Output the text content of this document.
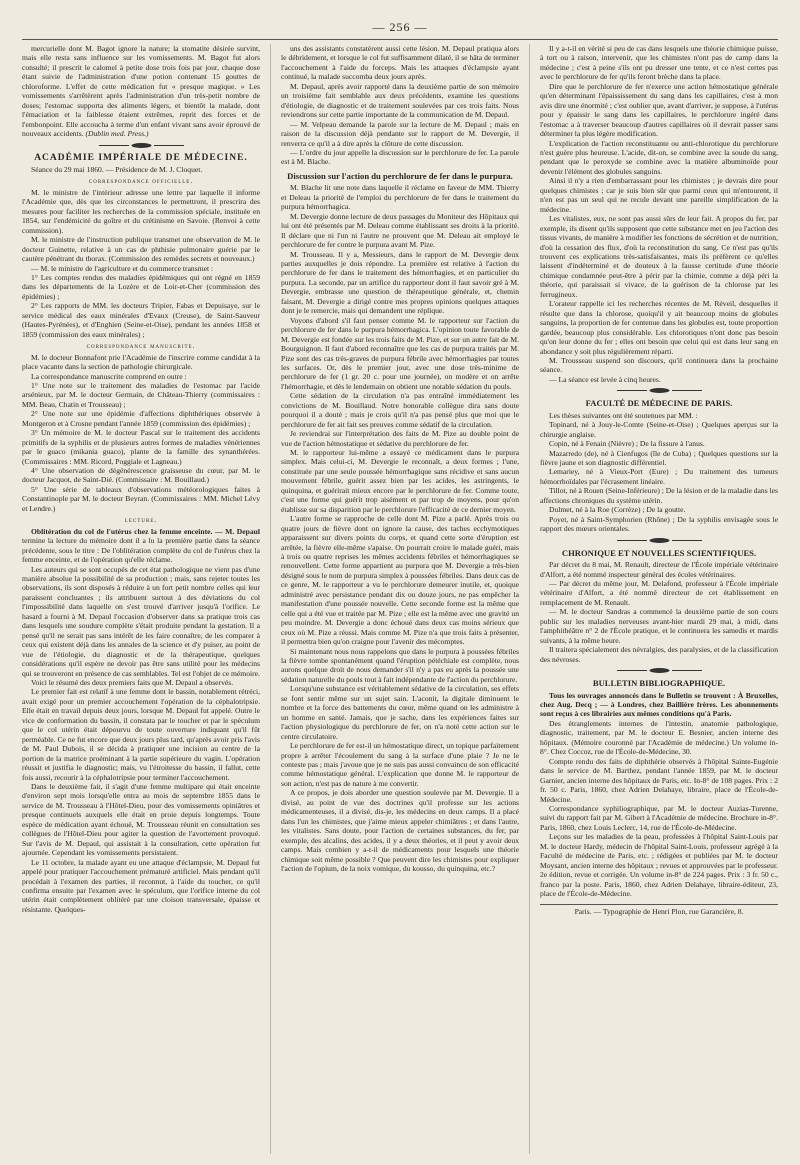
— 256 —

mercurielle dont M. Bagot ignore la nature; la stomatite désirée survint, mais elle resta sans influence sur les vomissements. M. Bagot fut alors consulté; il prescrit le calomel à petite dose trois fois par jour, chaque dose étant suivie de l'administration d'une potion contenant 15 gouttes de chloroforme. L'effet de cette médication fut « presque magique. » Les vomissements s'arrêtèrent après l'administration d'un très-petit nombre de doses; l'estomac supporta des aliments légers, et bientôt la malade, dont l'émaciation et la faiblesse étaient extrêmes, reprit des forces et de l'embonpoint. Elle accoucha à terme d'un enfant vivant sans avoir éprouvé de nouveaux accidents. (Dublin med. Press.)

ACADÉMIE IMPÉRIALE DE MÉDECINE.

Séance du 29 mai 1860. — Présidence de M. J. Cloquet.

correspondance officielle.

M. le ministre de l'intérieur adresse une lettre par laquelle il informe l'Académie que, dès que les circonstances le permettront, il prescrira des mesures pour faciliter les recherches de la commission spéciale, instituée en 1854, sur l'endémicité du goître et du crétinisme en Savoie. (Renvoi à cette commission).

M. le ministre de l'instruction publique transmet une observation de M. le docteur Guinette, relative à un cas de phthisie pulmonaire guérie par le cautère pénétrant du thorax. (Commission des remèdes secrets et nouveaux.)

— M. le ministre de l'agriculture et du commerce transmet :

1° Les comptes rendus des maladies épidémiques qui ont régné en 1859 dans les départements de la Lozère et de Loir-et-Cher (commission des épidémies) ;

2° Les rapports de MM. les docteurs Tripier, Fabas et Depuisaye, sur le service médical des eaux minérales d'Evaux (Creuse), de Saint-Sauveur (Hautes-Pyrénées), et d'Enghien (Seine-et-Oise), pendant les années 1858 et 1859 (commission des eaux minérales) ;

correspondance manuscrite.

M. le docteur Bonnafont prie l'Académie de l'inscrire comme candidat à la place vacante dans la section de pathologie chirurgicale.

La correspondance manuscrite comprend en outre :

1° Une note sur le traitement des maladies de l'estomac par l'acide arsénieux, par M. le docteur Germain, de Château-Thierry (commissaires : MM. Beau, Chatin et Trousseau) ;

2° Une note sur une épidémie d'affections diphthériques observée à Montgeron et à Crosne pendant l'année 1859 (commission des épidémies) ;

3° Un mémoire de M. le docteur Pascal sur le traitement des accidents primitifs de la syphilis et de plusieurs autres formes de maladies vénériennes par le guaco (mikania guaco), plante de la famille des synanthérées. (Commissaires : MM. Ricord, Poggiale et Lagneau.)

4° Une observation de dégénérescence graisseuse du cœur, par M. le docteur Jacquot, de Saint-Dié. (Commissaire : M. Bouillaud.)

5° Une série de tableaux d'observations météorologiques faites à Constantinople par M. le docteur Beyran. (Commissaires : MM. Michel Lévy et Lendre.)

lecture.

Oblitération du col de l'utérus chez la femme enceinte. — M. Depaul termine la lecture du mémoire dont il a lu la première partie dans la séance précédente, sous le titre : De l'oblitération complète du col de l'utérus chez la femme enceinte, et de l'opération qu'elle réclame.

Les auteurs qui se sont occupés de cet état pathologique ne vient pas d'une manière absolue la possibilité de sa production ; mais, sans rejeter toutes les observations, ils sont disposés à réduire à un fort petit nombre celles qui leur paraissent concluantes ; ils attribuent surtout à des déviations du col l'impossibilité dans laquelle on s'est trouvé d'arriver jusqu'à l'orifice. Le hasard a fourni à M. Depaul l'occasion d'observer dans sa pratique trois cas dans lesquels une soudure complète s'était produite pendant la gestation. Il a pensé qu'il ne serait pas sans intérêt de les faire connaître, de les comparer à ceux qui existent déjà dans les annales de la science et d'y puiser, au point de vue de l'étiologie, du diagnostic et de la thérapeutique, quelques considérations qu'il espère ne devoir pas être sans utilité pour les médecins qui se trouveront en présence de cas semblables. Tel est l'objet de ce mémoire.

Voici le résumé des deux premiers faits que M. Depaul a observés.

Le premier fait est relatif à une femme dont le bassin, notablement rétréci, avait exigé pour un premier accouchement l'opération de la céphalotripsie. Elle était en travail depuis deux jours, lorsque M. Depaul fut appelé. Outre le vice de conformation du bassin, il constata par le toucher et par le spéculum que le col utérin était dépourvu de toute ouverture indiquant qu'il fût perméable. Ce ne fut encore que deux jours plus tard, qu'après avoir pris l'avis de M. Paul Dubois, il se décida à pratiquer une incision au centre de la portion de la matrice proéminant à la partie supérieure du vagin. L'opération réussit et justifia le diagnostic; mais, vu l'étroitesse du bassin, il fallut, cette fois aussi, recourir à la céphalotripsie pour terminer l'accouchement.

Dans le deuxième fait, il s'agit d'une femme multipare qui était enceinte d'environ sept mois lorsqu'elle entra au mois de septembre 1855 dans le service de M. Trousseau à l'Hôtel-Dieu, pour des vomissements opiniâtres et presque continuels auxquels elle était en proie depuis longtemps. Toute espèce de médication ayant échoué, M. Trousseau réunit en consultation ses collègues de l'Hôtel-Dieu pour agiter la question de l'avortement provoqué. Sur l'avis de M. Depaul, qui assistait à la consultation, cette opération fut ajournée. Cependant les vomissements persistaient.

Le 11 octobre, la malade ayant eu une attaque d'éclampsie, M. Depaul fut appelé pour pratiquer l'accouchement prématuré artificiel. Mais pendant qu'il procédait à l'examen des parties, il reconnut, à l'aide du toucher, ce qu'il confirma ensuite par l'examen avec le spéculum, que l'orifice interne du col utérin était complètement oblitéré par une cloison transversale, épaisse et résistante. Quelques-

uns des assistants constatèrent aussi cette lésion. M. Depaul pratiqua alors le débridement, et lorsque le col fut suffisamment dilaté, il se hâta de terminer l'accouchement à l'aide du forceps. Mais les attaques d'éclampsie ayant continué, la malade succomba deux jours après.

M. Depaul, après avoir rapporté dans la deuxième partie de son mémoire un troisième fait semblable aux deux précédents, examine les questions d'étiologie, de diagnostic et de traitement soulevées par ces trois faits. Nous reviendrons sur cette partie importante de la communication de M. Depaul.

— M. Velpeau demande la parole sur la lecture de M. Depaul ; mais en raison de la discussion déjà pendante sur le rapport de M. Devergie, il renverra ce qu'il a à dire après la clôture de cette discussion.

— L'ordre du jour appelle la discussion sur le perchlorure de fer. La parole est à M. Blache.

Discussion sur l'action du perchlorure de fer dans le purpura.

M. Blache lit une note dans laquelle il réclame en faveur de MM. Thierry et Deleau la priorité de l'emploi du perchlorure de fer dans le traitement du purpura hémorrhagica.

M. Devergie donne lecture de deux passages du Moniteur des Hôpitaux qui lui ont été présentés par M. Deleau comme établissant ses droits à la priorité. Il déclare que ni l'un ni l'autre ne prouvent que M. Deleau ait employé le perchlorure de fer contre le purpura avant M. Pize.

M. Trousseau. Il y a, Messieurs, dans le rapport de M. Devergie deux parties auxquelles je dois répondre. La première est relative à l'action du perchlorure de fer dans le traitement des hémorrhagies, et en particulier du purpura. La seconde, par un artifice du rapporteur dont il faut savoir gré à M. Devergie, embrasse une question de thérapeutique générale, et, chemin faisant, M. Devergie a dirigé contre mes propres opinions quelques attaques dont je le remercie, mais qui demandent une réplique.

Voyons d'abord s'il faut penser comme M. le rapporteur sur l'action du perchlorure de fer dans le purpura hémorrhagica. L'opinion toute favorable de M. Devergie est fondée sur les trois faits de M. Pize, et sur un autre fait de M. Bourguignon. Il faut d'abord reconnaître que les cas de purpura traités par M. Pize sont des cas très-graves de purpura fébrile avec hémorrhagies par toutes les surfaces. Or, dès le premier jour, avec une dose très-minime de perchlorure de fer (1 gr. 20 c. pour une journée), on modère et on arrête l'hémorrhagie, et dès le lendemain on obtient une notable sédation du pouls.

Cette sédation de la circulation n'a pas entraîné immédiatement les convictions de M. Bouillaud. Notre honorable collègue dira sans doute pourquoi il a douté ; mais je crois qu'il n'a pas pensé plus que moi que le perchlorure de fer ait fait ses preuves comme sédatif de la circulation.

Je reviendrai sur l'interprétation des faits de M. Pize au double point de vue de l'action hémostatique et sédative du perchlorure de fer.

M. le rapporteur lui-même a essayé ce médicament dans le purpura simplex. Mais celui-ci, M. Devergie le reconnaît, a deux formes ; l'une, constituée par une seule poussée hémorrhagique sans récidive et sans aucun mouvement fébrile, guérit assez bien par les acides, les astringents, le quinquina, et guérirait mieux encore par le perchlorure de fer. Comme toute, c'est une forme qui guérit trop aisément et par trop de moyens, pour qu'on établisse sur sa disparition par le perchlorure l'efficacité de ce dernier moyen.

L'autre forme se rapproche de celle dont M. Pize a parlé. Après trois ou quatre jours de fièvre dont on ignore la cause, des taches ecchymotiques apparaissent sur divers points du corps, et quand cette sorte d'éruption est arrêtée, la fièvre elle-même s'apaise. On pourrait croire le malade guéri, mais à trois ou quatre reprises les mêmes accidents fébriles et hémorrhagiques se renouvellent. Cette forme appartient au purpura que M. Devergie a très-bien désigné sous le nom de purpura simplex à poussées fébriles. Dans deux cas de ce genre, M. le rapporteur a vu le perchlorure demeurer inutile, et, quoique administré avec persistance pendant dix ou douze jours, ne pas empêcher la manifestation d'une poussée nouvelle. Cette seconde forme est la même que celle qui a été vue et traitée par M. Pize ; elle est la même avec une gravité un peu moindre. M. Devergie a donc échoué dans deux cas moins sérieux que ceux où M. Pize a réussi. Mais comme M. Pize n'a que trois faits à présenter, il permettra bien qu'on craigne pour l'avenir des mécomptes.

Si maintenant nous nous rappelons que dans le purpura à poussées fébriles la fièvre tombe spontanément quand l'éruption pétéchiale est complète, nous aurons quelque droit de nous demander s'il n'y a pas eu après la poussée une sédation naturelle du pouls tout à fait indépendante de l'action du perchlorure.

Lorsqu'une substance est véritablement sédative de la circulation, ses effets se font sentir même sur un sujet sain. L'aconit, la digitale diminuent le nombre et la force des battements du cœur, même quand on les administre à un homme en santé. Jamais, que je sache, dans les expériences faites sur l'action physiologique du perchlorure de fer, on n'a noté cette action sur le centre circulatoire.

Le perchlorure de fer est-il un hémostatique direct, un topique parfaitement propre à arrêter l'écoulement du sang à la surface d'une plaie ? Je ne le conteste pas ; mais j'avoue que je ne suis pas aussi convaincu de son efficacité comme hémostatique général. L'explication que donne M. le rapporteur de son action, n'est pas de nature à me convertir.

A ce propos, je dois aborder une question soulevée par M. Devergie. Il a divisé, au point de vue des doctrines qu'il professe sur les actions médicamenteuses, il a divisé, dis-je, les médecins en deux camps. Il a placé dans l'un les chimistes, que j'aime mieux appeler chimiâtres ; et dans l'autre, les vitalistes. Sans doute, pour l'action de certaines substances, du fer, par exemple, des alcalins, des acides, il y a deux théories, et il peut y avoir deux camps. Mais combien y a-t-il de médicaments pour lesquels une théorie chimique soit même possible ? Que peuvent dire les chimistes pour expliquer l'action de l'opium, de la noix vomique, du kousso, du quinquina, etc.?

Il y a-t-il en vérité si peu de cas dans lesquels une théorie chimique puisse, à tort ou à raison, intervenir, que les chimistes n'ont pas de camp dans la médecine ; c'est à peine s'ils ont pu dresser une tente, et ce n'est certes pas avec le perchlorure de fer qu'ils feront brèche dans la place.

Dire que le perchlorure de fer n'exerce une action hémostatique générale qu'en déterminant l'épaississement du sang dans les capillaires, c'est à mon avis dire une énormité ; c'est oublier que, avant d'arriver, je suppose, à l'utérus pour y épaissir le sang dans les capillaires, le perchlorure ingéré dans l'estomac a à traverser beaucoup d'autres capillaires où il devrait passer sans déterminer la plus légère modification.

L'explication de l'action reconstituante ou anti-chlorotique du perchlorure n'est guère plus heureuse. L'acide, dit-on, se combine avec la soude du sang, pendant que le peroxyde se combine avec la matière albuminoïde pour devenir l'élément des globules sanguins.

Ainsi il n'y a rien d'embarrassant pour les chimistes ; je devrais dire pour quelques chimistes ; car je suis bien sûr que parmi ceux qui m'entourent, il n'en est pas un seul qui ne recule devant une pareille simplification de la médecine.

Les vitalistes, eux, ne sont pas aussi sûrs de leur fait. A propos du fer, par exemple, ils disent qu'ils supposent que cette substance met en jeu l'action des tissus vivants, de manière à modifier les fonctions de sécrétion et de nutrition, d'où la cessation des flux, d'où la reconstitution du sang. Ce n'est pas qu'ils trouvent ces explications très-satisfaisantes, mais ils préfèrent ce qu'elles laissent d'indéterminé et de douteux à la fausse certitude d'une théorie chimique condamnée peut-être à périr par la chimie, comme a déjà péri la théorie, qui paraissait si vivace, de la guérison de la chlorose par les ferrugineux.

L'orateur rappelle ici les recherches récentes de M. Réveil, desquelles il résulte que dans la chlorose, quoiqu'il y ait beaucoup moins de globules sanguins, la proportion de fer contenue dans les globules est, toute proportion gardée, beaucoup plus considérable. Les chlorotiques n'ont donc pas besoin qu'on leur donne du fer ; elles ont besoin que celui qui est dans leur sang en abondance y soit plus régulièrement réparti.

M. Trousseau suspend son discours, qu'il continuera dans la prochaine séance.

— La séance est levée à cinq heures.

FACULTÉ DE MÉDECINE DE PARIS.

Les thèses suivantes ont été soutenues par MM. :

Topinard, né à Jouy-le-Comte (Seine-et-Oise) ; Quelques aperçus sur la chirurgie anglaise.

Copin, né à Fenain (Nièvre) ; De la fissure à l'anus.

Mazarredo (de), né à Cienfugos (île de Cuba) ; Quelques questions sur la fièvre jaune et son diagnostic différentiel.

Lemariey, né à Vieux-Port (Eure) ; Du traitement des tumeurs hémorrhoïdales par l'écrasement linéaire.

Tillot, né à Rouen (Seine-Inférieure) ; De la lésion et de la maladie dans les affections chroniques du système utérin.

Dulmet, né à la Roe (Corrèze) ; De la goutte.

Poyet, né à Saint-Symphorien (Rhône) ; De la syphilis envisagée sous le rapport des mœurs orientales.

CHRONIQUE ET NOUVELLES SCIENTIFIQUES.

Par décret du 8 mai, M. Renault, directeur de l'École impériale vétérinaire d'Alfort, a été nommé inspecteur général des écoles vétérinaires.

— Par décret du même jour, M. Delafond, professeur à l'École impériale vétérinaire d'Alfort, a été nommé directeur de cet établissement en remplacement de M. Renault.

— M. le docteur Sandras a commencé la deuxième partie de son cours public sur les maladies nerveuses avant-hier mardi 29 mai, à midi, dans l'amphithéâtre n° 2 de l'École pratique, et le continuera les samedis et mardis suivants, à la même heure.

Il traitera spécialement des névralgies, des paralysies, et de la classification des névroses.

BULLETIN BIBLIOGRAPHIQUE.

Tous les ouvrages annoncés dans le Bulletin se trouvent : À Bruxelles, chez Aug. Decq ; — à Londres, chez Baillière frères. Les abonnements sont reçus à ces librairies aux mêmes conditions qu'à Paris.

Des étranglements internes de l'intestin, anatomie pathologique, diagnostic, traitement, par M. le docteur E. Besnier, ancien interne des hôpitaux. (Mémoire couronné par l'Académie de médecine.) Un volume in-8°. Chez Coccoz, rue de l'École-de-Médecine, 30.

Compte rendu des faits de diphthérie observés à l'hôpital Sainte-Eugénie dans le service de M. Barthez, pendant l'année 1859, par M. le docteur Garnier, ancien interne des hôpitaux de Paris, etc. In-8° de 108 pages. Prix : 2 fr. 50 c. Paris, 1860, chez Adrien Delahaye, libraire, place de l'École-de-Médecine.

Correspondance syphiliographique, par M. le docteur Auzias-Turenne, suivi du rapport fait par M. Gibert à l'Académie de médecine. Brochure in-8°. Paris, 1860, chez Louis Leclerc, 14, rue de l'École-de-Médecine.

Leçons sur les maladies de la peau, professées à l'hôpital Saint-Louis par M. le docteur Hardy, médecin de l'hôpital Saint-Louis, professeur agrégé à la Faculté de médecine de Paris, etc. ; rédigées et publiées par M. le docteur Moysant, ancien interne des hôpitaux ; revues et approuvées par le professeur. 2e édition, revue et corrigée. Un volume in-8° de 224 pages. Prix : 3 fr. 50 c., franco par la poste. Paris, 1860, chez Adrien Delahaye, libraire-éditeur, 23, place de l'École-de-Médecine.

Paris. — Typographie de Henri Plon, rue Garancière, 8.
